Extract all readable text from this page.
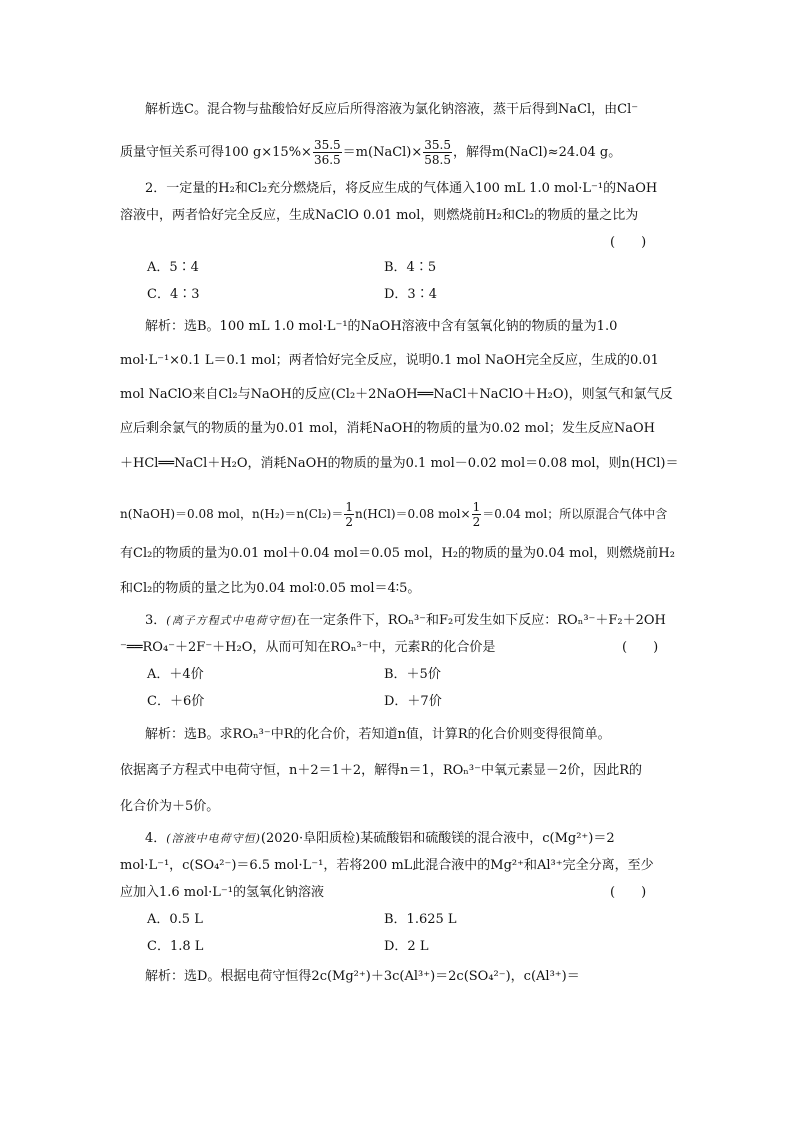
解析选C。混合物与盐酸恰好反应后所得溶液为氯化钠溶液，蒸干后得到NaCl，由Cl⁻
质量守恒关系可得100 $g\times 15\%\times \frac{35.5}{36.5}$ ＝m(NaCl)× $\frac{35.5}{58.5}$ ，解得m(NaCl)≈24.04 g。
2．一定量的H₂和Cl₂充分燃烧后，将反应生成的气体通入100 mL 1.0 mol·L⁻¹的NaOH
溶液中，两者恰好完全反应，生成NaClO 0.01 mol，则燃烧前H₂和Cl₂的物质的量之比为
(　　)
A．5∶4	B．4∶5
C．4∶3	D．3∶4
解析：选B。100 mL 1.0 mol·L⁻¹的NaOH溶液中含有氢氧化钠的物质的量为1.0
mol·L⁻¹×0.1 L＝0.1 mol；两者恰好完全反应，说明0.1 mol NaOH完全反应，生成的0.01
mol NaClO来自Cl₂与NaOH的反应(Cl₂＋2NaOH══NaCl＋NaClO＋H₂O)，则氢气和氯气反
应后剩余氯气的物质的量为0.01 mol，消耗NaOH的物质的量为0.02 mol；发生反应NaOH
＋HCl══NaCl＋H₂O，消耗NaOH的物质的量为0.1 mol－0.02 mol＝0.08 mol，则n(HCl)＝
n(NaOH)＝0.08 mol，$n(H_2)=n(Cl_2)= \frac{1}{2} n(HCl)=0.08$ $mol\times \frac{1}{2} =0.04$ mol；所以原混合气体中含
有Cl₂的物质的量为0.01 mol＋0.04 mol＝0.05 mol，H₂的物质的量为0.04 mol，则燃烧前H₂
和Cl₂的物质的量之比为0.04 mol∶0.05 mol＝4∶5。
3．(离子方程式中电荷守恒)在一定条件下，ROₙ³⁻和F₂可发生如下反应：ROₙ³⁻＋F₂＋2OH
⁻══RO₄⁻＋2F⁻＋H₂O，从而可知在ROₙ³⁻中，元素R的化合价是	(　　)
A．＋4价	B．＋5价
C．＋6价	D．＋7价
解析：选B。求ROₙ³⁻中R的化合价，若知道n值，计算R的化合价则变得很简单。
依据离子方程式中电荷守恒，n＋2＝1＋2，解得n＝1，ROₙ³⁻中氧元素显－2价，因此R的
化合价为＋5价。
4．(溶液中电荷守恒)(2020·阜阳质检)某硫酸铝和硫酸镁的混合液中，c(Mg²⁺)＝2
mol·L⁻¹，c(SO₄²⁻)＝6.5 mol·L⁻¹，若将200 mL此混合液中的Mg²⁺和Al³⁺完全分离，至少
应加入1.6 mol·L⁻¹的氢氧化钠溶液	(　　)
A．0.5 L	B．1.625 L
C．1.8 L	D．2 L
解析：选D。根据电荷守恒得2c(Mg²⁺)＋3c(Al³⁺)＝2c(SO₄²⁻)，c(Al³⁺)＝
